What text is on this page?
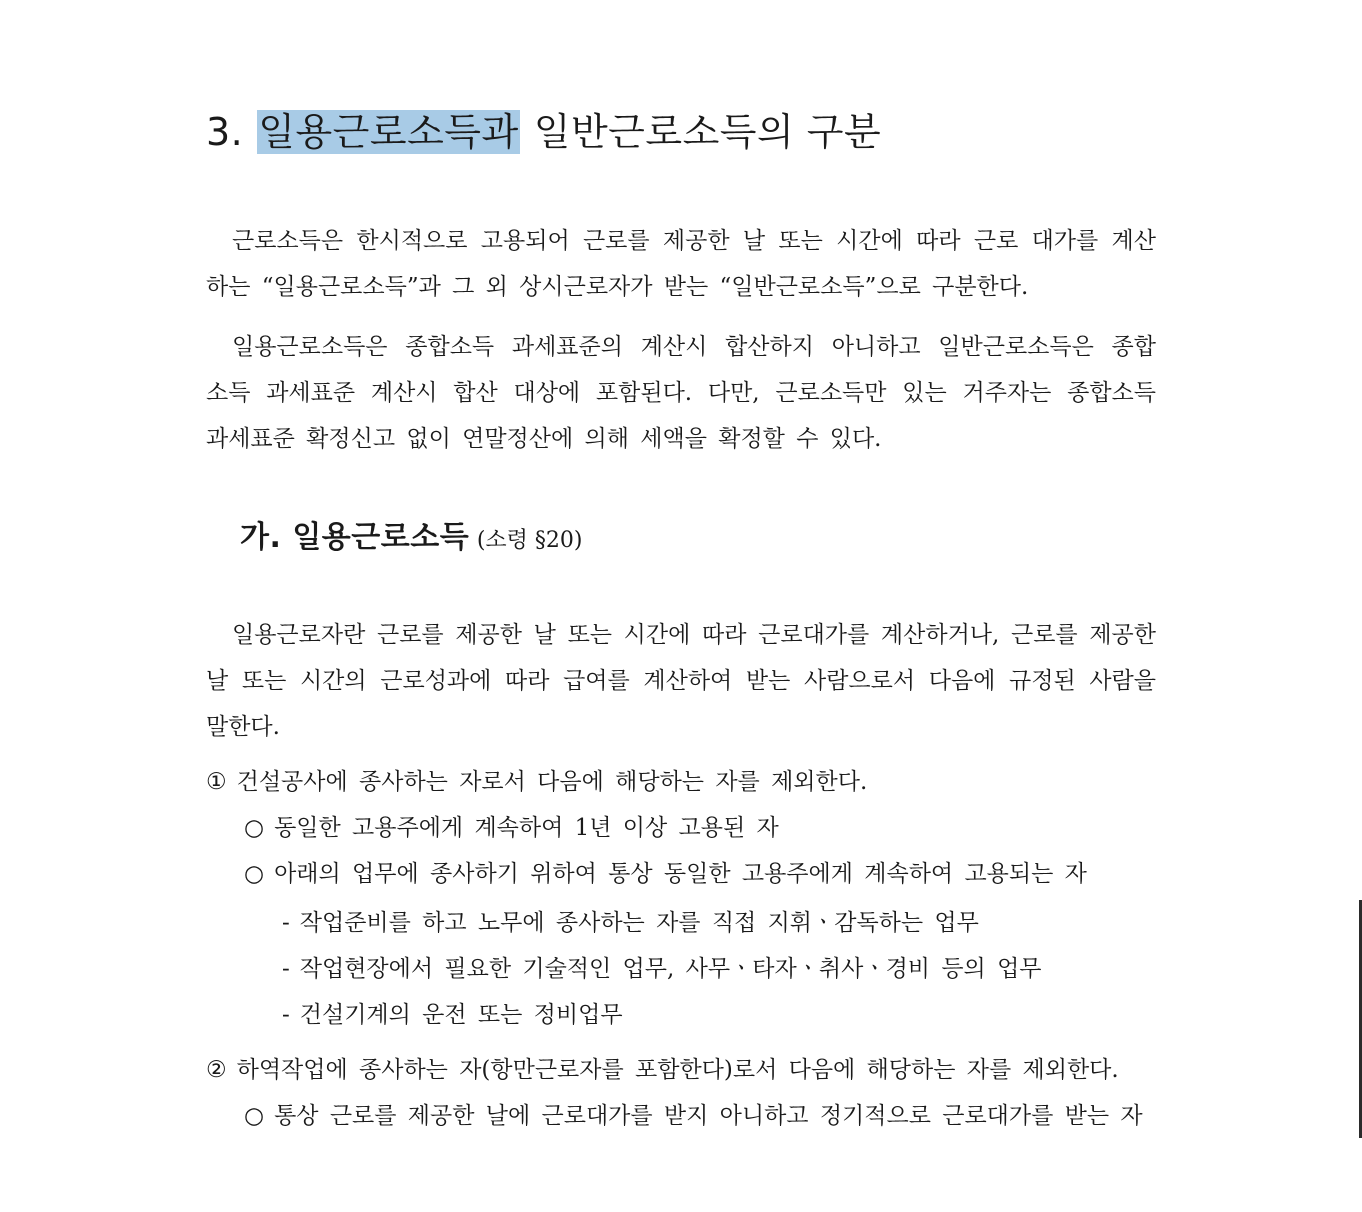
3. 일용근로소득과 일반근로소득의 구분

근로소득은 한시적으로 고용되어 근로를 제공한 날 또는 시간에 따라 근로 대가를 계산
하는 “일용근로소득”과 그 외 상시근로자가 받는 “일반근로소득”으로 구분한다.

일용근로소득은 종합소득 과세표준의 계산시 합산하지 아니하고 일반근로소득은 종합
소득 과세표준 계산시 합산 대상에 포함된다. 다만, 근로소득만 있는 거주자는 종합소득
과세표준 확정신고 없이 연말정산에 의해 세액을 확정할 수 있다.

가. 일용근로소득 (소령 §20)

일용근로자란 근로를 제공한 날 또는 시간에 따라 근로대가를 계산하거나, 근로를 제공한
날 또는 시간의 근로성과에 따라 급여를 계산하여 받는 사람으로서 다음에 규정된 사람을
말한다.

① 건설공사에 종사하는 자로서 다음에 해당하는 자를 제외한다.

○ 동일한 고용주에게 계속하여 1년 이상 고용된 자

○ 아래의 업무에 종사하기 위하여 통상 동일한 고용주에게 계속하여 고용되는 자

- 작업준비를 하고 노무에 종사하는 자를 직접 지휘ㆍ감독하는 업무

- 작업현장에서 필요한 기술적인 업무, 사무ㆍ타자ㆍ취사ㆍ경비 등의 업무

- 건설기계의 운전 또는 정비업무

② 하역작업에 종사하는 자(항만근로자를 포함한다)로서 다음에 해당하는 자를 제외한다.

○ 통상 근로를 제공한 날에 근로대가를 받지 아니하고 정기적으로 근로대가를 받는 자
